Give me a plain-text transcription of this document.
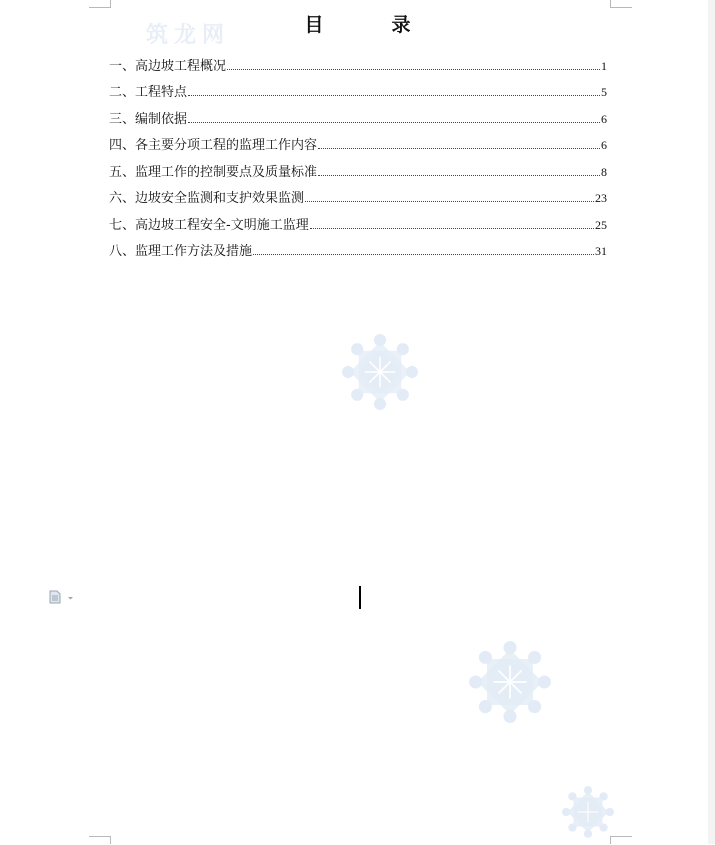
筑龙网	目	录
一、高边坡工程概况	1
二、工程特点	5
三、编制依据	6
四、各主要分项工程的监理工作内容	6
五、监理工作的控制要点及质量标准	8
六、边坡安全监测和支护效果监测	23
七、高边坡工程安全-文明施工监理	25
八、监理工作方法及措施	31
